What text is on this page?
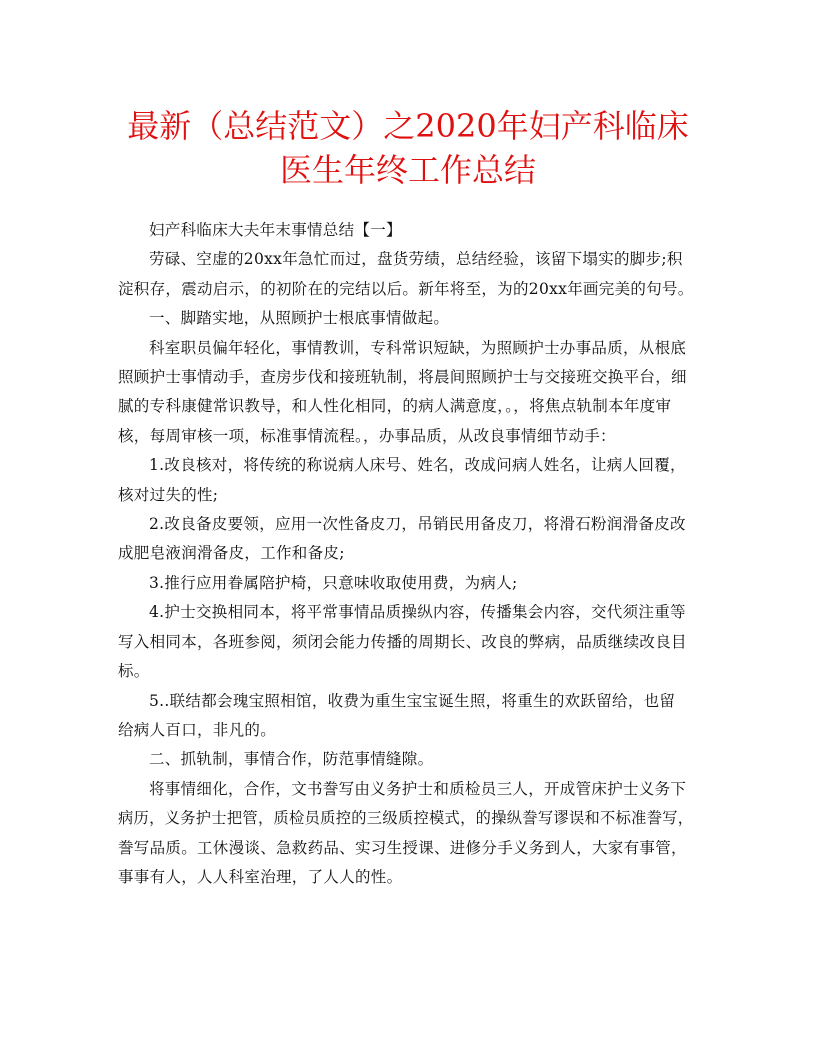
最新（总结范文）之2020年妇产科临床
医生年终工作总结
妇产科临床大夫年末事情总结【一】
劳碌、空虚的20xx年急忙而过，盘货劳绩，总结经验，该留下塌实的脚步;积
淀积存，震动启示，的初阶在的完结以后。新年将至，为的20xx年画完美的句号。
一、脚踏实地，从照顾护士根底事情做起。
科室职员偏年轻化，事情教训，专科常识短缺，为照顾护士办事品质，从根底
照顾护士事情动手，查房步伐和接班轨制，将晨间照顾护士与交接班交换平台，细
腻的专科康健常识教导，和人性化相同，的病人满意度，。，将焦点轨制本年度审
核，每周审核一项，标准事情流程。，办事品质，从改良事情细节动手：
1.改良核对，将传统的称说病人床号、姓名，改成问病人姓名，让病人回覆，
核对过失的性;
2.改良备皮要领，应用一次性备皮刀，吊销民用备皮刀，将滑石粉润滑备皮改
成肥皂液润滑备皮，工作和备皮;
3.推行应用眷属陪护椅，只意味收取使用费，为病人;
4.护士交换相同本，将平常事情品质操纵内容，传播集会内容，交代须注重等
写入相同本，各班参阅，须闭会能力传播的周期长、改良的弊病，品质继续改良目
标。
5..联结都会瑰宝照相馆，收费为重生宝宝诞生照，将重生的欢跃留给，也留
给病人百口，非凡的。
二、抓轨制，事情合作，防范事情缝隙。
将事情细化，合作，文书誊写由义务护士和质检员三人，开成管床护士义务下
病历，义务护士把管，质检员质控的三级质控模式，的操纵誊写谬误和不标准誊写，
誊写品质。工休漫谈、急救药品、实习生授课、进修分手义务到人，大家有事管，
事事有人，人人科室治理，了人人的性。
